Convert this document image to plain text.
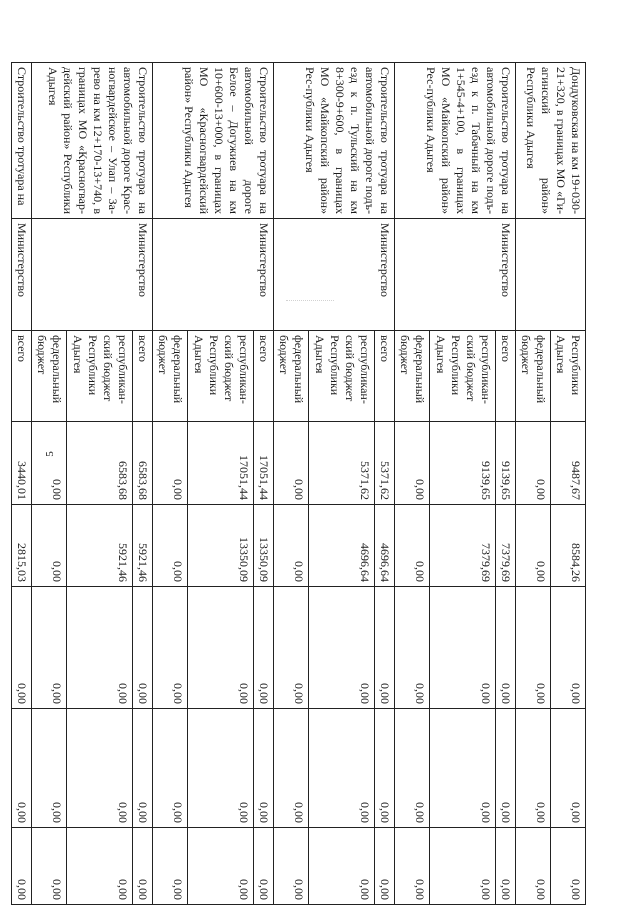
5
Дондуковская на км 19+030-21+320, в границах МО «Ги-агинский район» Республики Адыгея		Республики Адыгея	9487,67	8584,26	0,00	0,00	0,00
		федеральный бюджет	0,00	0,00	0,00	0,00	0,00
Строительство тротуара на автомобильной дороге подъ-езд к п. Табачный на км 1+545-4+100, в границах МО «Майкопский район» Рес-публики Адыгея	Министерство	всего	9139,65	7379,69	0,00	0,00	0,00
		республикан-ский бюджет Республики Адыгея	9139,65	7379,69	0,00	0,00	0,00
		федеральный бюджет	0,00	0,00	0,00	0,00	0,00
Строительство тротуара на автомобильной дороге подъ-езд к п. Тульский на км 8+300-9+600, в границах МО «Майкопский район» Рес-публики Адыгея	Министерство	всего	5371,62	4696,64	0,00	0,00	0,00
		республикан-ский бюджет Республики Адыгея	5371,62	4696,64	0,00	0,00	0,00
		федеральный бюджет	0,00	0,00	0,00	0,00	0,00
Строительство тротуара на автомобильной дороге Белое – Догужиев на км 10+600-13+000, в границах МО «Красногвардейский район» Республики Адыгея	Министерство	всего	17051,44	13350,09	0,00	0,00	0,00
		республикан-ский бюджет Республики Адыгея	17051,44	13350,09	0,00	0,00	0,00
		федеральный бюджет	0,00	0,00	0,00	0,00	0,00
Строительство тротуара на автомобильной дороге Крас-ногвардейское – Улап – За-рево на км 12+170-13+740, в границах МО «Красногвар-дейский район» Республики Адыгея	Министерство	всего	6583,68	5921,46	0,00	0,00	0,00
		республикан-ский бюджет Республики Адыгея	6583,68	5921,46	0,00	0,00	0,00
		федеральный бюджет	0,00	0,00	0,00	0,00	0,00
Строительство тротуара на	Министерство	всего	3440,01	2815,03	0,00	0,00	0,00
